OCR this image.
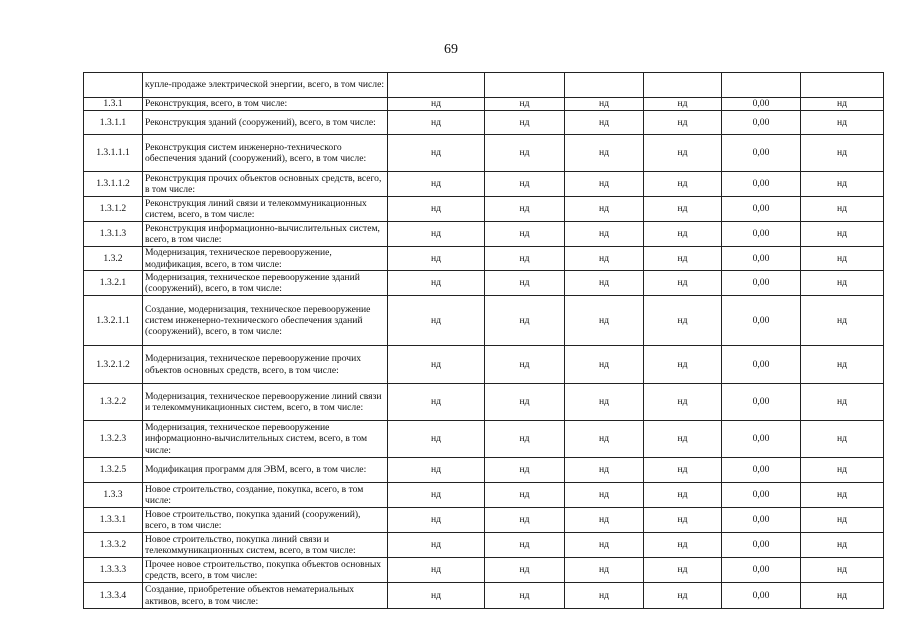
69
	купле-продаже электрической энергии, всего, в том числе:						
1.3.1	Реконструкция, всего, в том числе:	нд	нд	нд	нд	0,00	нд
1.3.1.1	Реконструкция зданий (сооружений), всего, в том числе:	нд	нд	нд	нд	0,00	нд
1.3.1.1.1	Реконструкция систем инженерно-технического обеспечения зданий (сооружений), всего, в том числе:	нд	нд	нд	нд	0,00	нд
1.3.1.1.2	Реконструкция прочих объектов основных средств, всего, в том числе:	нд	нд	нд	нд	0,00	нд
1.3.1.2	Реконструкция линий связи и телекоммуникационных систем, всего, в том числе:	нд	нд	нд	нд	0,00	нд
1.3.1.3	Реконструкция информационно-вычислительных систем, всего, в том числе:	нд	нд	нд	нд	0,00	нд
1.3.2	Модернизация, техническое перевооружение, модификация, всего, в том числе:	нд	нд	нд	нд	0,00	нд
1.3.2.1	Модернизация, техническое перевооружение зданий (сооружений), всего, в том числе:	нд	нд	нд	нд	0,00	нд
1.3.2.1.1	Создание, модернизация, техническое перевооружение систем инженерно-технического обеспечения зданий (сооружений), всего, в том числе:	нд	нд	нд	нд	0,00	нд
1.3.2.1.2	Модернизация, техническое перевооружение прочих объектов основных средств, всего, в том числе:	нд	нд	нд	нд	0,00	нд
1.3.2.2	Модернизация, техническое перевооружение линий связи и телекоммуникационных систем, всего, в том числе:	нд	нд	нд	нд	0,00	нд
1.3.2.3	Модернизация, техническое перевооружение информационно-вычислительных систем, всего, в том числе:	нд	нд	нд	нд	0,00	нд
1.3.2.5	Модификация программ для ЭВМ, всего, в том числе:	нд	нд	нд	нд	0,00	нд
1.3.3	Новое строительство, создание, покупка, всего, в том числе:	нд	нд	нд	нд	0,00	нд
1.3.3.1	Новое строительство, покупка зданий (сооружений), всего, в том числе:	нд	нд	нд	нд	0,00	нд
1.3.3.2	Новое строительство, покупка линий связи и телекоммуникационных систем, всего, в том числе:	нд	нд	нд	нд	0,00	нд
1.3.3.3	Прочее новое строительство, покупка объектов основных средств, всего, в том числе:	нд	нд	нд	нд	0,00	нд
1.3.3.4	Создание, приобретение объектов нематериальных активов, всего, в том числе:	нд	нд	нд	нд	0,00	нд
